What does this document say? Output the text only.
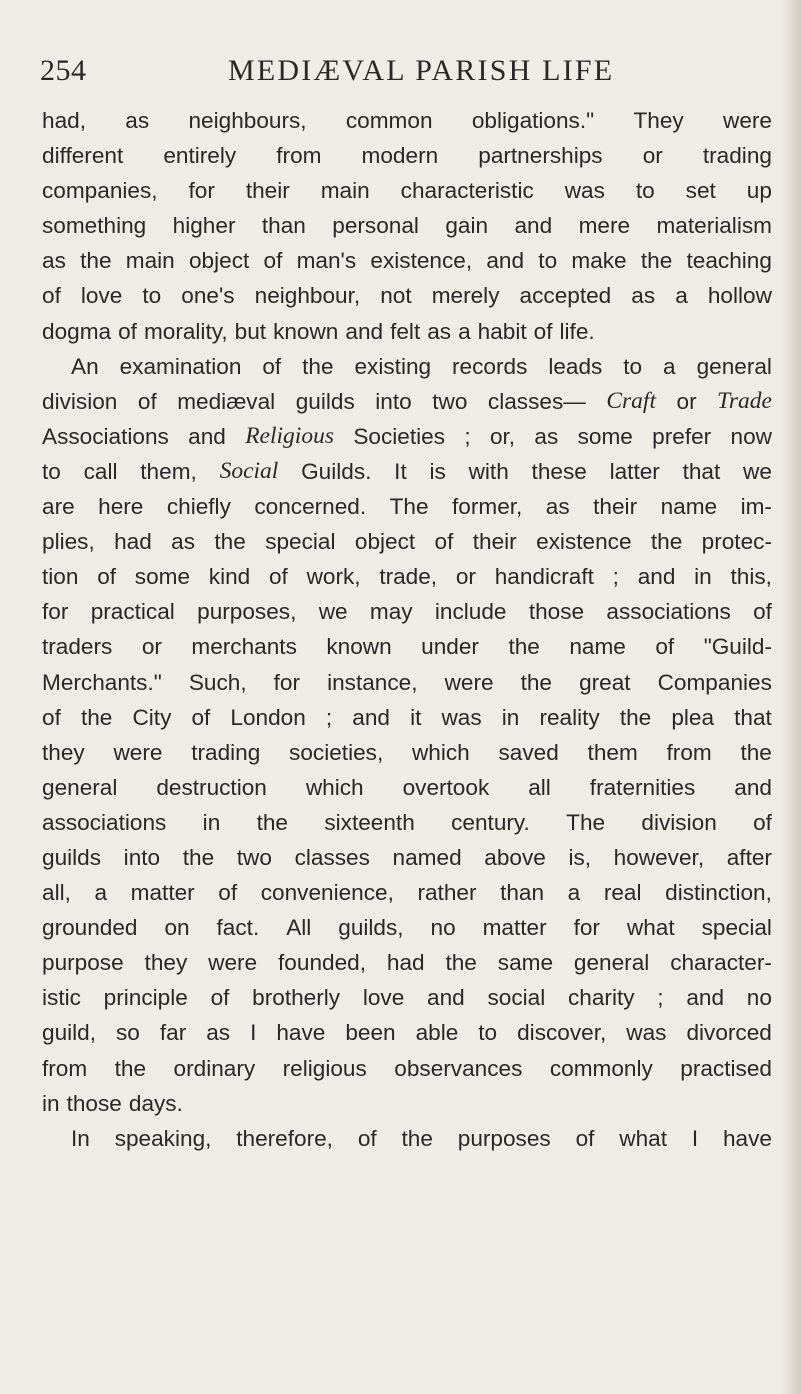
254	MEDIÆVAL PARISH LIFE
had, as neighbours, common obligations." They were
different entirely from modern partnerships or trading
companies, for their main characteristic was to set up
something higher than personal gain and mere materialism
as the main object of man's existence, and to make the teaching
of love to one's neighbour, not merely accepted as a hollow
dogma of morality, but known and felt as a habit of life.
An examination of the existing records leads to a general
division of mediæval guilds into two classes— Craft or Trade
Associations and Religious Societies ; or, as some prefer now
to call them, Social Guilds. It is with these latter that we
are here chiefly concerned. The former, as their name im-
plies, had as the special object of their existence the protec-
tion of some kind of work, trade, or handicraft ; and in this,
for practical purposes, we may include those associations of
traders or merchants known under the name of "Guild-
Merchants." Such, for instance, were the great Companies
of the City of London ; and it was in reality the plea that
they were trading societies, which saved them from the
general destruction which overtook all fraternities and
associations in the sixteenth century. The division of
guilds into the two classes named above is, however, after
all, a matter of convenience, rather than a real distinction,
grounded on fact. All guilds, no matter for what special
purpose they were founded, had the same general character-
istic principle of brotherly love and social charity ; and no
guild, so far as I have been able to discover, was divorced
from the ordinary religious observances commonly practised
in those days.
In speaking, therefore, of the purposes of what I have
